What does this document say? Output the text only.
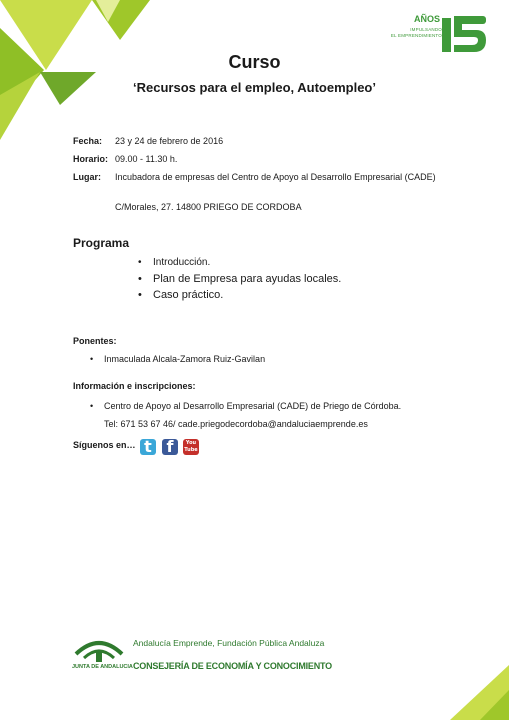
AÑOS
IMPULSANDO
EL EMPRENDIMIENTO
Curso
‘Recursos para el empleo, Autoempleo’
Fecha: 23 y 24 de febrero de 2016
Horario: 09.00 - 11.30 h.
Lugar: Incubadora de empresas del Centro de Apoyo al Desarrollo Empresarial (CADE)
C/Morales, 27. 14800 PRIEGO DE CORDOBA
Programa
• Introducción.
• Plan de Empresa para ayudas locales.
• Caso práctico.
Ponentes:
• Inmaculada Alcala-Zamora Ruiz-Gavilan
Información e inscripciones:
• Centro de Apoyo al Desarrollo Empresarial (CADE) de Priego de Córdoba.
Tel: 671 53 67 46/ cade.priegodecordoba@andaluciaemprende.es
Síguenos en… t f	You Tube
JUNTA DE ANDALUCIA
Andalucía Emprende, Fundación Pública Andaluza
CONSEJERÍA DE ECONOMÍA Y CONOCIMIENTO
